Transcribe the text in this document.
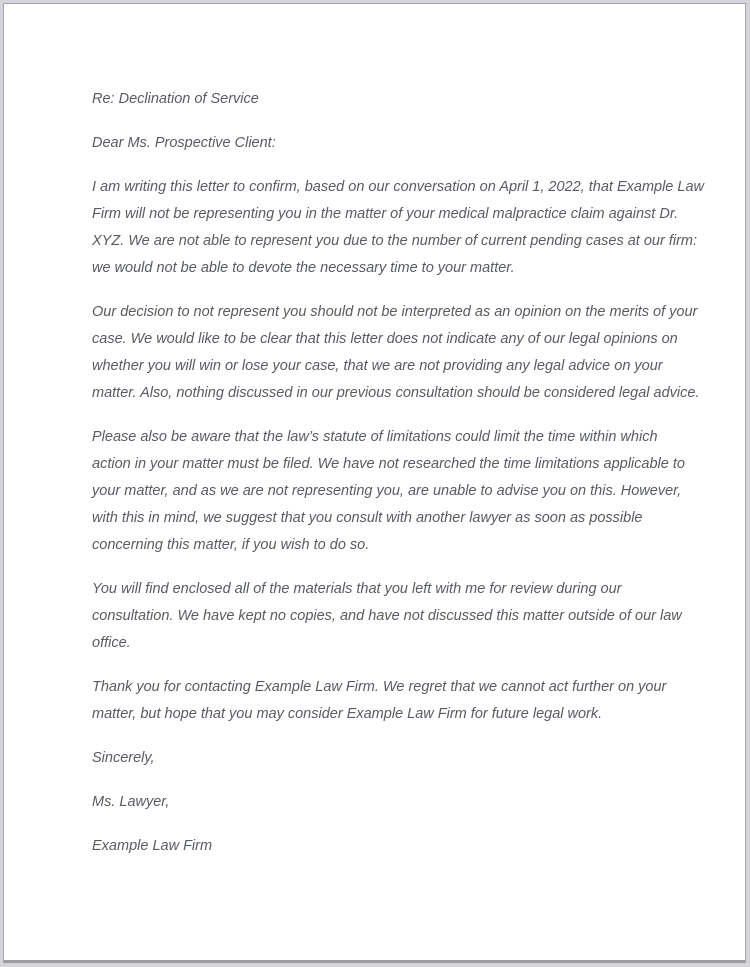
Re: Declination of Service
Dear Ms. Prospective Client:
I am writing this letter to confirm, based on our conversation on April 1, 2022, that Example Law
Firm will not be representing you in the matter of your medical malpractice claim against Dr.
XYZ. We are not able to represent you due to the number of current pending cases at our firm:
we would not be able to devote the necessary time to your matter.
Our decision to not represent you should not be interpreted as an opinion on the merits of your
case. We would like to be clear that this letter does not indicate any of our legal opinions on
whether you will win or lose your case, that we are not providing any legal advice on your
matter. Also, nothing discussed in our previous consultation should be considered legal advice.
Please also be aware that the law’s statute of limitations could limit the time within which
action in your matter must be filed. We have not researched the time limitations applicable to
your matter, and as we are not representing you, are unable to advise you on this. However,
with this in mind, we suggest that you consult with another lawyer as soon as possible
concerning this matter, if you wish to do so.
You will find enclosed all of the materials that you left with me for review during our
consultation. We have kept no copies, and have not discussed this matter outside of our law
office.
Thank you for contacting Example Law Firm. We regret that we cannot act further on your
matter, but hope that you may consider Example Law Firm for future legal work.
Sincerely,
Ms. Lawyer,
Example Law Firm
